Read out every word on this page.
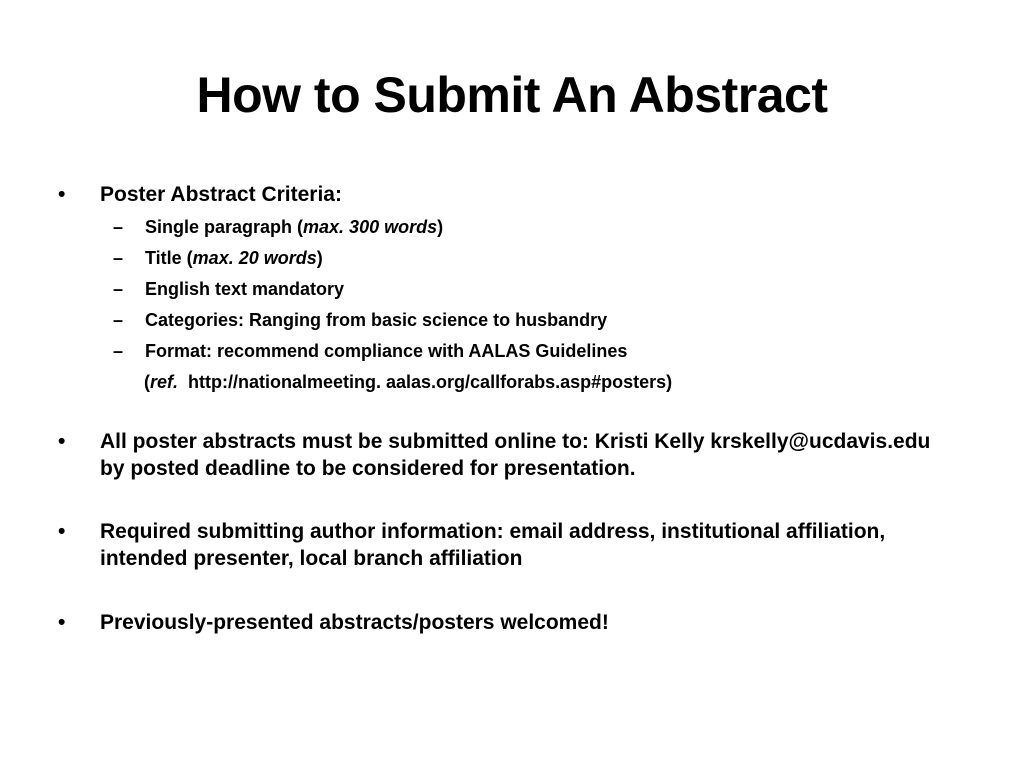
How to Submit An Abstract
•	Poster Abstract Criteria:
– Single paragraph (max. 300 words)
– Title (max. 20 words)
– English text mandatory
– Categories: Ranging from basic science to husbandry
– Format: recommend compliance with AALAS Guidelines
(ref.  http://nationalmeeting. aalas.org/callforabs.asp#posters)
•	All poster abstracts must be submitted online to: Kristi Kelly krskelly@ucdavis.edu by posted deadline to be considered for presentation.
•	Required submitting author information: email address, institutional affiliation, intended presenter, local branch affiliation
•	Previously-presented abstracts/posters welcomed!
